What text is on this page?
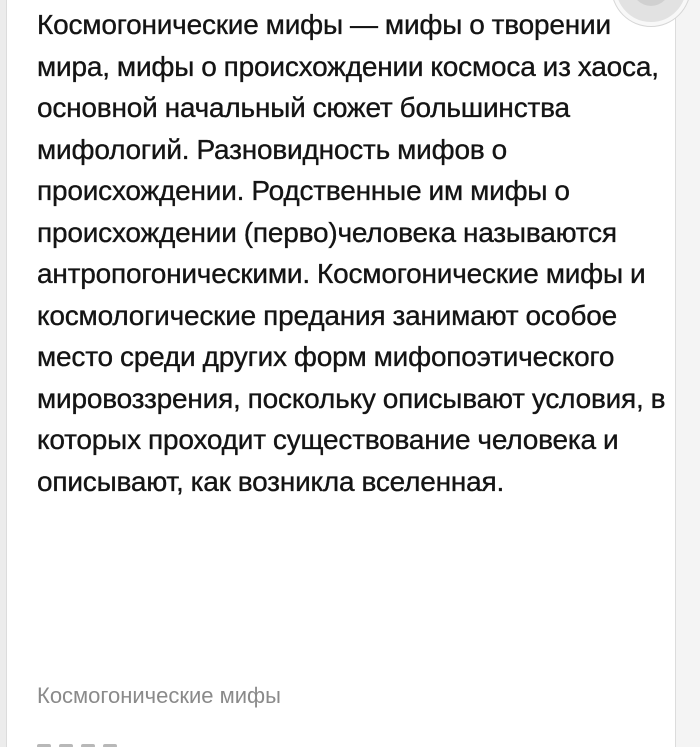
Космогонические мифы — мифы о творении мира, мифы о происхождении космоса из хаоса, основной начальный сюжет большинства мифологий. Разновидность мифов о происхождении. Родственные им мифы о происхождении (перво)человека называются антропогоническими. Космогонические мифы и космологические предания занимают особое место среди других форм мифопоэтического мировоззрения, поскольку описывают условия, в которых проходит существование человека и описывают, как возникла вселенная.

Космогонические мифы
